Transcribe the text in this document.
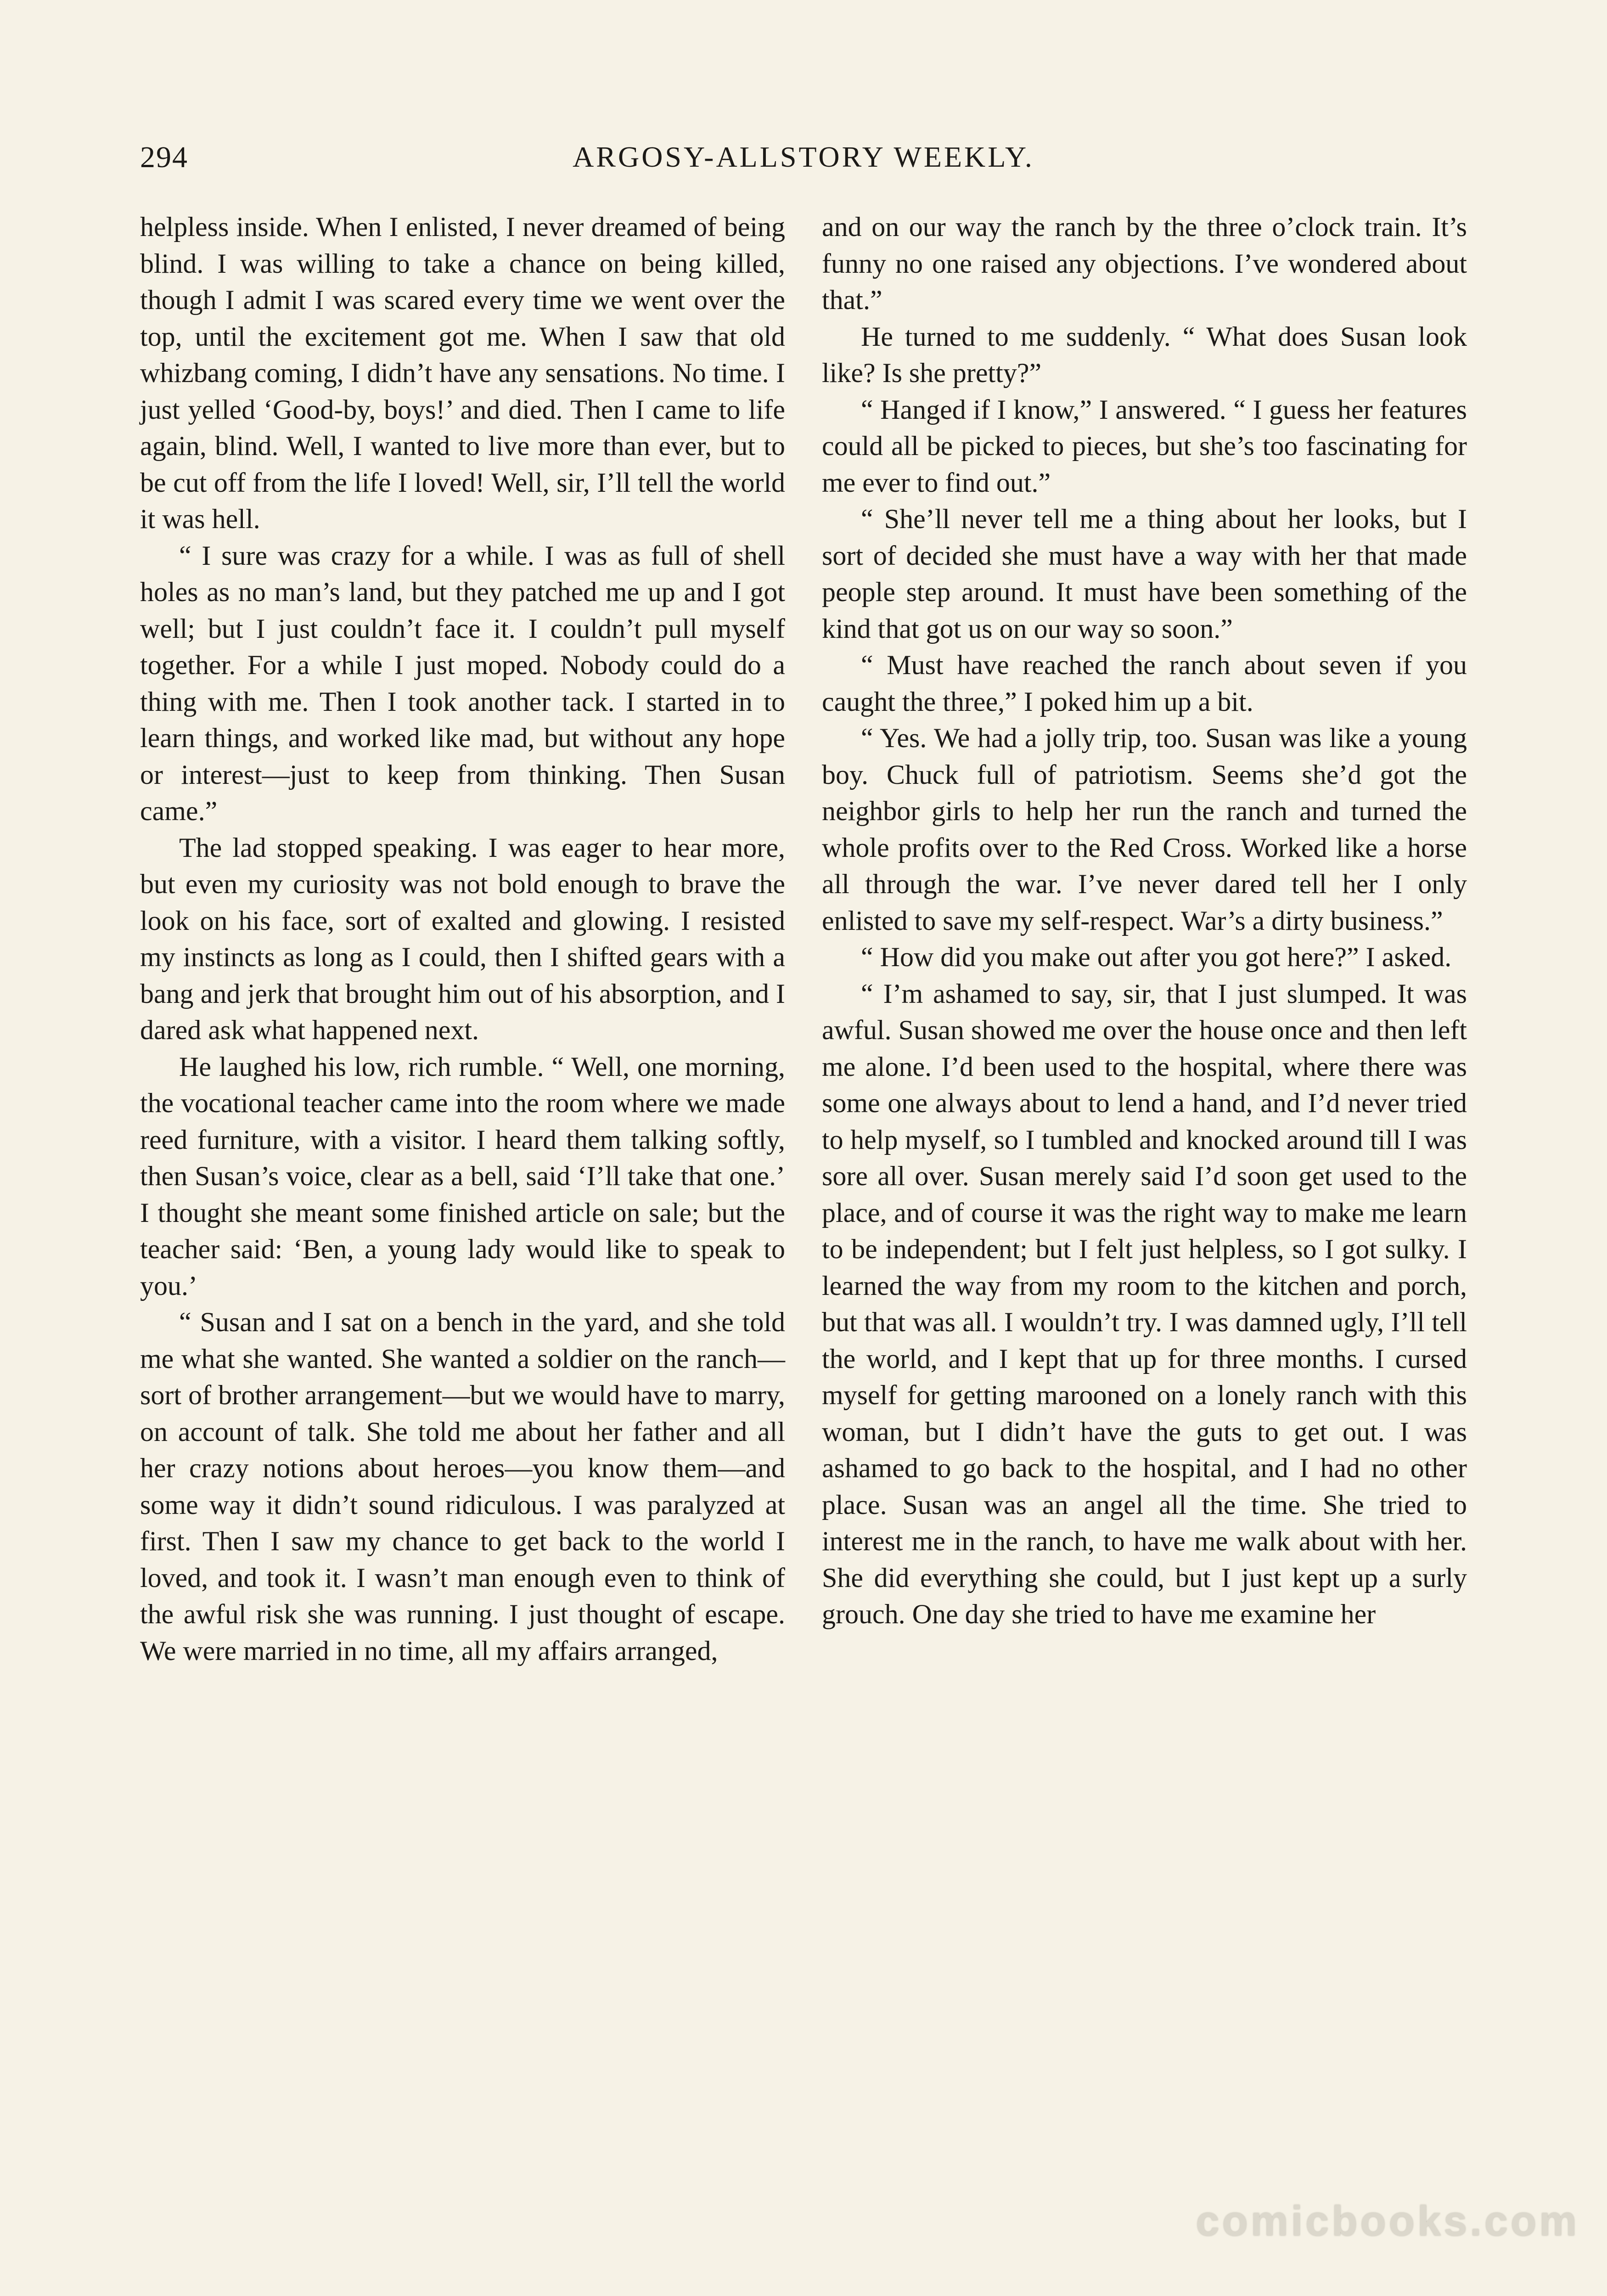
294	ARGOSY-ALLSTORY WEEKLY.

helpless inside. When I enlisted, I never dreamed of being blind. I was willing to take a chance on being killed, though I admit I was scared every time we went over the top, until the excitement got me. When I saw that old whizbang coming, I didn’t have any sensations. No time. I just yelled ‘Good-by, boys!’ and died. Then I came to life again, blind. Well, I wanted to live more than ever, but to be cut off from the life I loved! Well, sir, I’ll tell the world it was hell.

“ I sure was crazy for a while. I was as full of shell holes as no man’s land, but they patched me up and I got well; but I just couldn’t face it. I couldn’t pull myself together. For a while I just moped. Nobody could do a thing with me. Then I took another tack. I started in to learn things, and worked like mad, but without any hope or interest—just to keep from thinking. Then Susan came.”

The lad stopped speaking. I was eager to hear more, but even my curiosity was not bold enough to brave the look on his face, sort of exalted and glowing. I resisted my instincts as long as I could, then I shifted gears with a bang and jerk that brought him out of his absorption, and I dared ask what happened next.

He laughed his low, rich rumble. “ Well, one morning, the vocational teacher came into the room where we made reed furniture, with a visitor. I heard them talking softly, then Susan’s voice, clear as a bell, said ‘I’ll take that one.’ I thought she meant some finished article on sale; but the teacher said: ‘Ben, a young lady would like to speak to you.’

“ Susan and I sat on a bench in the yard, and she told me what she wanted. She wanted a soldier on the ranch—sort of brother arrangement—but we would have to marry, on account of talk. She told me about her father and all her crazy notions about heroes—you know them—and some way it didn’t sound ridiculous. I was paralyzed at first. Then I saw my chance to get back to the world I loved, and took it. I wasn’t man enough even to think of the awful risk she was running. I just thought of escape. We were married in no time, all my affairs arranged,

and on our way the ranch by the three o’clock train. It’s funny no one raised any objections. I’ve wondered about that.”

He turned to me suddenly. “ What does Susan look like? Is she pretty?”

“ Hanged if I know,” I answered. “ I guess her features could all be picked to pieces, but she’s too fascinating for me ever to find out.”

“ She’ll never tell me a thing about her looks, but I sort of decided she must have a way with her that made people step around. It must have been something of the kind that got us on our way so soon.”

“ Must have reached the ranch about seven if you caught the three,” I poked him up a bit.

“ Yes. We had a jolly trip, too. Susan was like a young boy. Chuck full of patriotism. Seems she’d got the neighbor girls to help her run the ranch and turned the whole profits over to the Red Cross. Worked like a horse all through the war. I’ve never dared tell her I only enlisted to save my self-respect. War’s a dirty business.”

“ How did you make out after you got here?” I asked.

“ I’m ashamed to say, sir, that I just slumped. It was awful. Susan showed me over the house once and then left me alone. I’d been used to the hospital, where there was some one always about to lend a hand, and I’d never tried to help myself, so I tumbled and knocked around till I was sore all over. Susan merely said I’d soon get used to the place, and of course it was the right way to make me learn to be independent; but I felt just helpless, so I got sulky. I learned the way from my room to the kitchen and porch, but that was all. I wouldn’t try. I was damned ugly, I’ll tell the world, and I kept that up for three months. I cursed myself for getting marooned on a lonely ranch with this woman, but I didn’t have the guts to get out. I was ashamed to go back to the hospital, and I had no other place. Susan was an angel all the time. She tried to interest me in the ranch, to have me walk about with her. She did everything she could, but I just kept up a surly grouch. One day she tried to have me examine her

comicbooks.com
